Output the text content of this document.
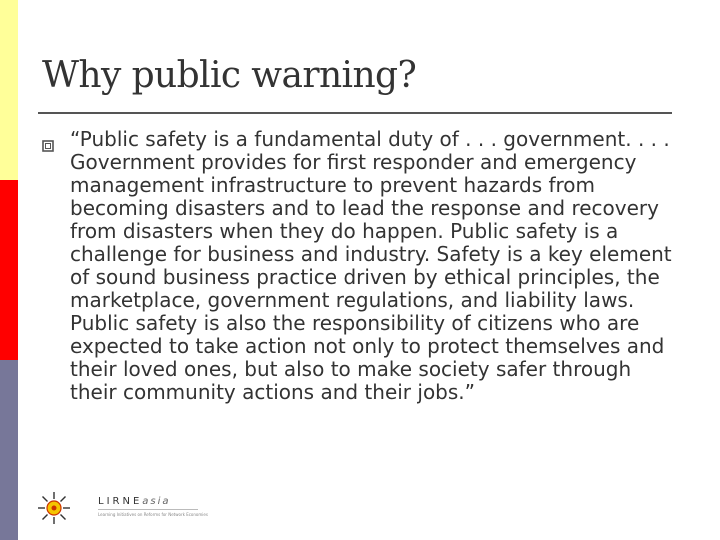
Why public warning?

“Public safety is a fundamental duty of . . . government. . . . Government provides for first responder and emergency management infrastructure to prevent hazards from becoming disasters and to lead the response and recovery from disasters when they do happen. Public safety is a challenge for business and industry. Safety is a key element of sound business practice driven by ethical principles, the marketplace, government regulations, and liability laws. Public safety is also the responsibility of citizens who are expected to take action not only to protect themselves and their loved ones, but also to make society safer through their community actions and their jobs.”

LIRNEasia
Learning Initiatives on Reforms for Network Economies
